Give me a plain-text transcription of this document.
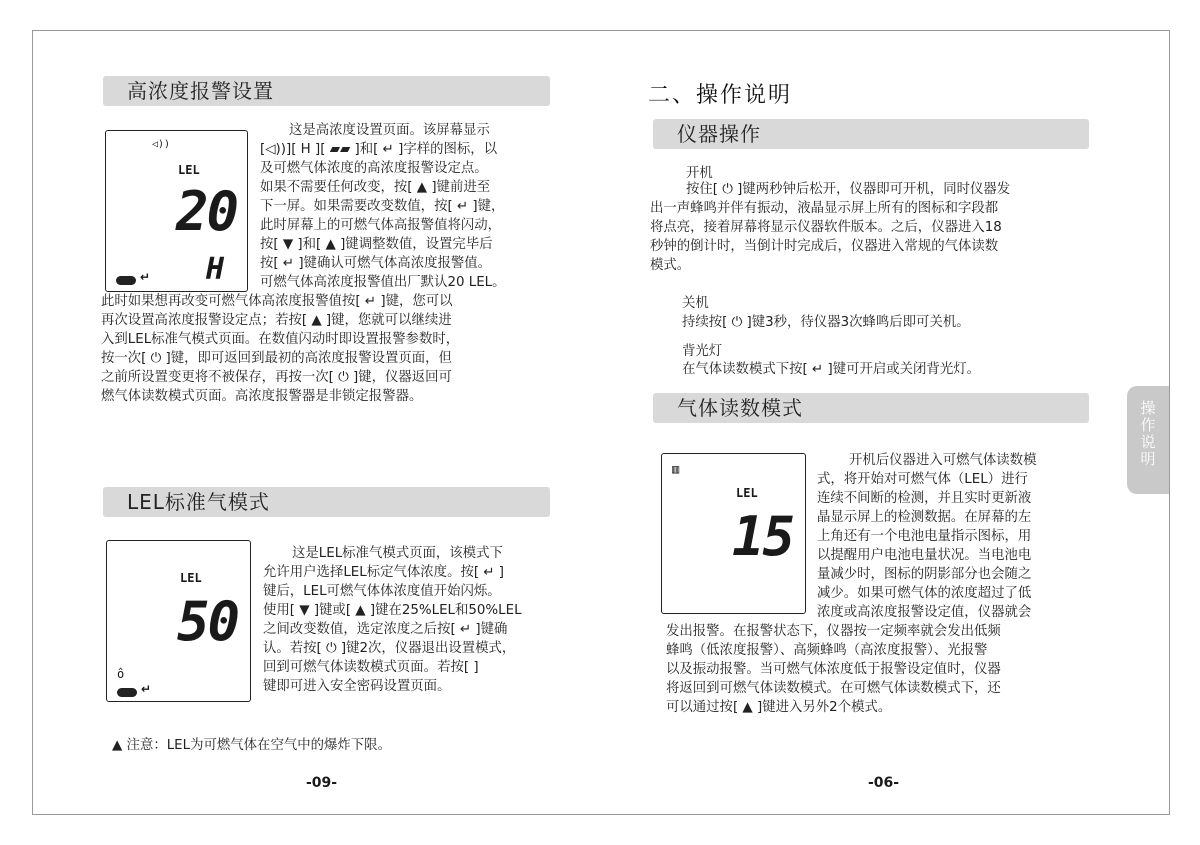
高浓度报警设置
◁))
LEL
20
H
↵

这是高浓度设置页面。该屏幕显示

[◁))][ H ][ ▰▰ ]和[ ↵ ]字样的图标，以

及可燃气体浓度的高浓度报警设定点。

如果不需要任何改变，按[ ▲ ]键前进至

下一屏。如果需要改变数值，按[ ↵ ]键，

此时屏幕上的可燃气体高报警值将闪动，

按[ ▼ ]和[ ▲ ]键调整数值，设置完毕后

按[ ↵ ]键确认可燃气体高浓度报警值。

可燃气体高浓度报警值出厂默认20 LEL。

此时如果想再改变可燃气体高浓度报警值按[ ↵ ]键，您可以

再次设置高浓度报警设定点；若按[ ▲ ]键，您就可以继续进

入到LEL标准气模式页面。在数值闪动时即设置报警参数时，

按一次[ ⏻ ]键，即可返回到最初的高浓度报警设置页面，但

之前所设置变更将不被保存，再按一次[ ⏻ ]键，仪器返回可

燃气体读数模式页面。高浓度报警器是非锁定报警器。

LEL标准气模式
LEL
50
ô
↵

这是LEL标准气模式页面，该模式下

允许用户选择LEL标定气体浓度。按[ ↵ ]

键后，LEL可燃气体体浓度值开始闪烁。

使用[ ▼ ]键或[ ▲ ]键在25%LEL和50%LEL

之间改变数值，选定浓度之后按[ ↵ ]键确

认。若按[ ⏻ ]键2次，仪器退出设置模式，

回到可燃气体读数模式页面。若按[ ]

键即可进入安全密码设置页面。

▲ 注意：LEL为可燃气体在空气中的爆炸下限。
-09-
二、操作说明
仪器操作
开机

按住[ ⏻ ]键两秒钟后松开，仪器即可开机，同时仪器发

出一声蜂鸣并伴有振动，液晶显示屏上所有的图标和字段都

将点亮，接着屏幕将显示仪器软件版本。之后，仪器进入18

秒钟的倒计时，当倒计时完成后，仪器进入常规的气体读数

模式。

关机
持续按[ ⏻ ]键3秒，待仪器3次蜂鸣后即可关机。
背光灯
在气体读数模式下按[ ↵ ]键可开启或关闭背光灯。
气体读数模式
▥
LEL
15

开机后仪器进入可燃气体读数模

式，将开始对可燃气体（LEL）进行

连续不间断的检测，并且实时更新液

晶显示屏上的检测数据。在屏幕的左

上角还有一个电池电量指示图标，用

以提醒用户电池电量状况。当电池电

量减少时，图标的阴影部分也会随之

减少。如果可燃气体的浓度超过了低

浓度或高浓度报警设定值，仪器就会

发出报警。在报警状态下，仪器按一定频率就会发出低频

蜂鸣（低浓度报警）、高频蜂鸣（高浓度报警）、光报警

以及振动报警。当可燃气体浓度低于报警设定值时，仪器

将返回到可燃气体读数模式。在可燃气体读数模式下，还

可以通过按[ ▲ ]键进入另外2个模式。

-06-
操
作
说
明
